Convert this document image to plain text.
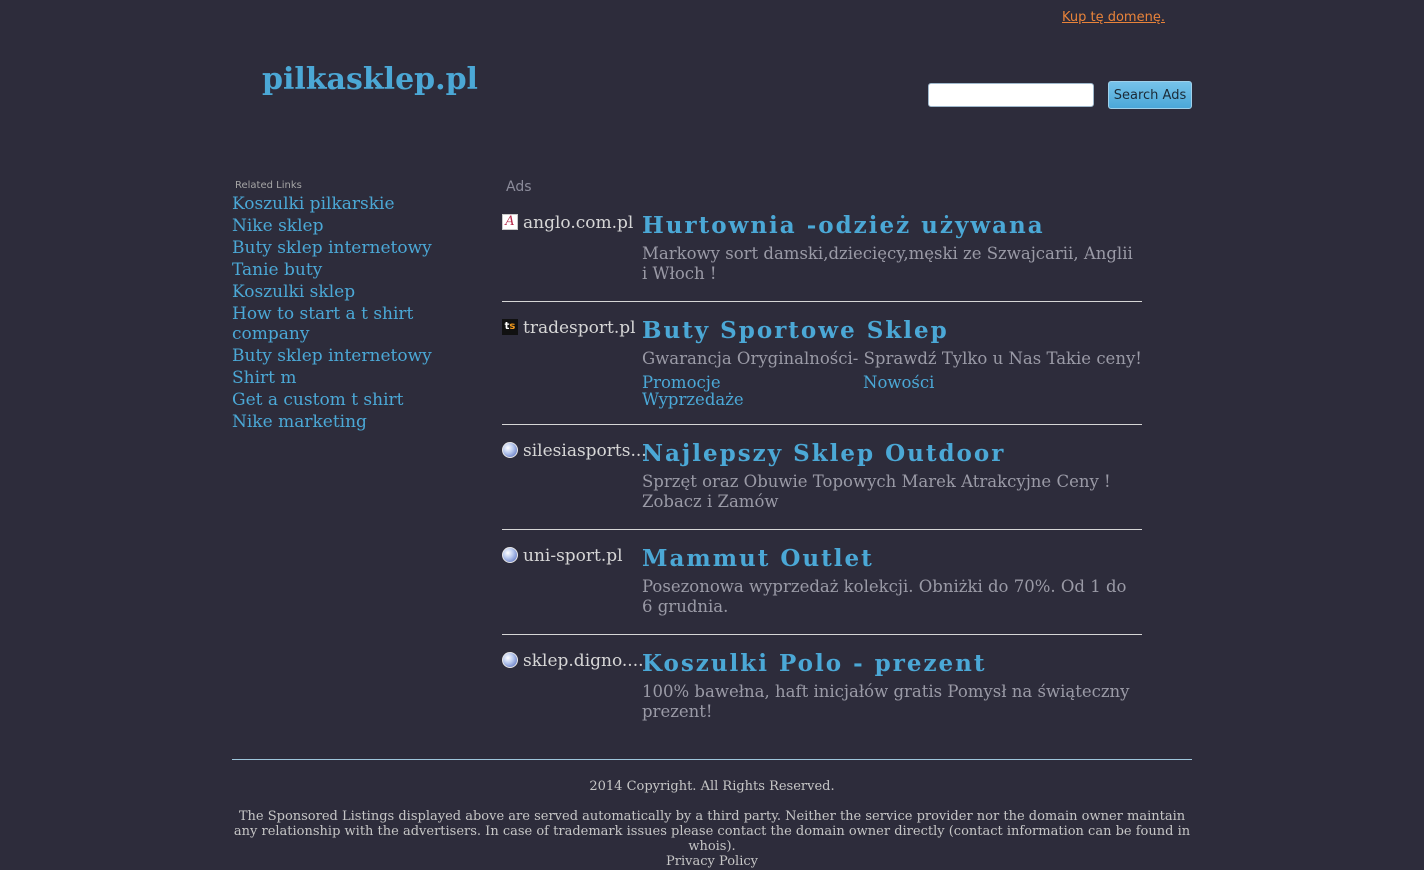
Kup tę domenę.
pilkasklep.pl	Search Ads
Related Links
Koszulki pilkarskie
Nike sklep
Buty sklep internetowy
Tanie buty
Koszulki sklep
How to start a t shirt company
Buty sklep internetowy
Shirt m
Get a custom t shirt
Nike marketing
Ads
A anglo.com.pl Hurtownia -odzież używana
Markowy sort damski,dziecięcy,męski ze Szwajcarii, Anglii i Włoch !
ts tradesport.pl Buty Sportowe Sklep
Gwarancja Oryginalności- Sprawdź Tylko u Nas Takie ceny!
Promocje	Nowości
Wyprzedaże
silesiasports...
Najlepszy Sklep Outdoor
Sprzęt oraz Obuwie Topowych Marek Atrakcyjne Ceny ! Zobacz i Zamów
uni-sport.pl Mammut Outlet
Posezonowa wyprzedaż kolekcji. Obniżki do 70%. Od 1 do 6 grudnia.
sklep.digno....
Koszulki Polo - prezent
100% bawełna, haft inicjałów gratis Pomysł na świąteczny prezent!
2014 Copyright. All Rights Reserved.
The Sponsored Listings displayed above are served automatically by a third party. Neither the service provider nor the domain owner maintain any relationship with the advertisers. In case of trademark issues please contact the domain owner directly (contact information can be found in whois).
Privacy Policy
